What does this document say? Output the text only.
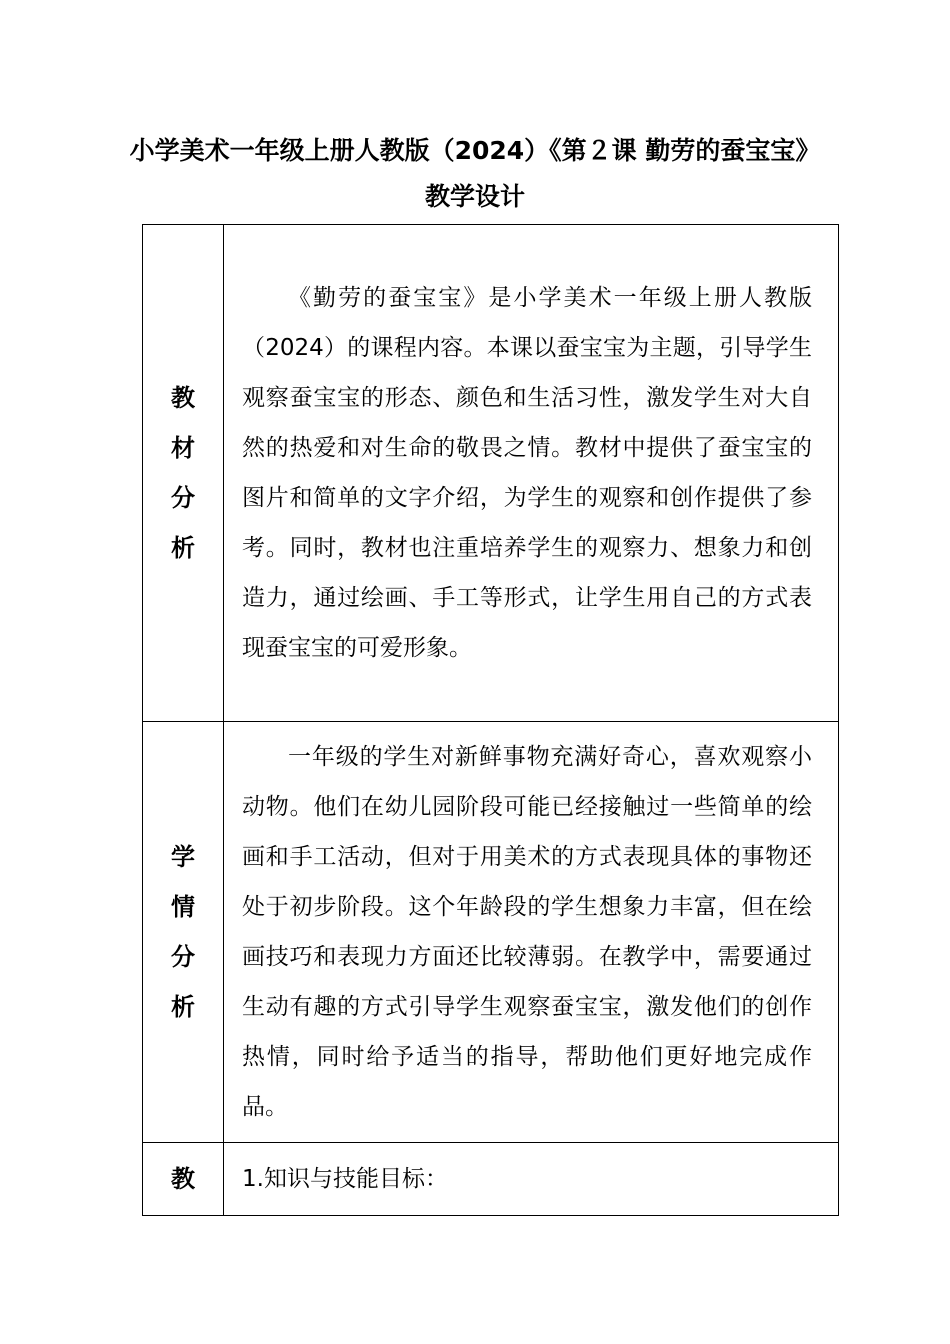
小学美术一年级上册人教版（2024）《第２课 勤劳的蚕宝宝》教学设计
教材分析	《勤劳的蚕宝宝》是小学美术一年级上册人教版（2024）的课程内容。本课以蚕宝宝为主题，引导学生观察蚕宝宝的形态、颜色和生活习性，激发学生对大自然的热爱和对生命的敬畏之情。教材中提供了蚕宝宝的图片和简单的文字介绍，为学生的观察和创作提供了参考。同时，教材也注重培养学生的观察力、想象力和创造力，通过绘画、手工等形式，让学生用自己的方式表现蚕宝宝的可爱形象。

学情分析	一年级的学生对新鲜事物充满好奇心，喜欢观察小动物。他们在幼儿园阶段可能已经接触过一些简单的绘画和手工活动，但对于用美术的方式表现具体的事物还处于初步阶段。这个年龄段的学生想象力丰富，但在绘画技巧和表现力方面还比较薄弱。在教学中，需要通过生动有趣的方式引导学生观察蚕宝宝，激发他们的创作热情，同时给予适当的指导，帮助他们更好地完成作品。

教	1.知识与技能目标：
